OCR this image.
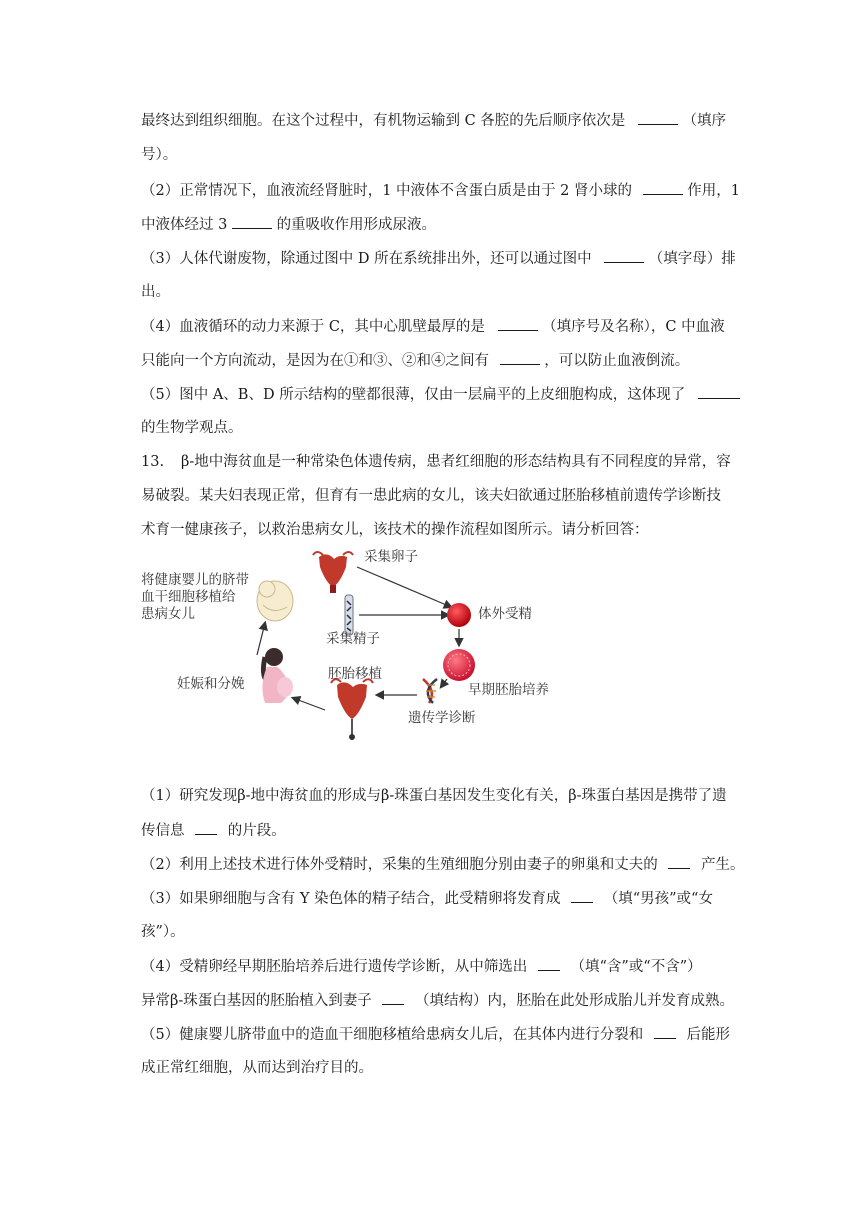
最终达到组织细胞。在这个过程中，有机物运输到 C 各腔的先后顺序依次是	（填序
号）。
（2）正常情况下，血液流经肾脏时，1 中液体不含蛋白质是由于 2 肾小球的	作用，1
中液体经过 3	的重吸收作用形成尿液。
（3）人体代谢废物，除通过图中 D 所在系统排出外，还可以通过图中	（填字母）排
出。
（4）血液循环的动力来源于 C，其中心肌壁最厚的是	（填序号及名称），C 中血液
只能向一个方向流动，是因为在①和③、②和④之间有	，可以防止血液倒流。
（5）图中 A、B、D 所示结构的壁都很薄，仅由一层扁平的上皮细胞构成，这体现了
的生物学观点。
13. β-地中海贫血是一种常染色体遗传病，患者红细胞的形态结构具有不同程度的异常，容
易破裂。某夫妇表现正常，但育有一患此病的女儿，该夫妇欲通过胚胎移植前遗传学诊断技
术育一健康孩子，以救治患病女儿，该技术的操作流程如图所示。请分析回答：
采集卵子
采集精子
体外受精
早期胚胎培养
遗传学诊断
胚胎移植
妊娠和分娩
将健康婴儿的脐带
血干细胞移植给
患病女儿
（1）研究发现β-地中海贫血的形成与β-珠蛋白基因发生变化有关，β-珠蛋白基因是携带了遗
传信息	的片段。
（2）利用上述技术进行体外受精时，采集的生殖细胞分别由妻子的卵巢和丈夫的	产生。
（3）如果卵细胞与含有 Y 染色体的精子结合，此受精卵将发育成	（填“男孩”或“女
孩”）。
（4）受精卵经早期胚胎培养后进行遗传学诊断，从中筛选出	（填“含”或“不含”）
异常β-珠蛋白基因的胚胎植入到妻子	（填结构）内，胚胎在此处形成胎儿并发育成熟。
（5）健康婴儿脐带血中的造血干细胞移植给患病女儿后，在其体内进行分裂和	后能形
成正常红细胞，从而达到治疗目的。
